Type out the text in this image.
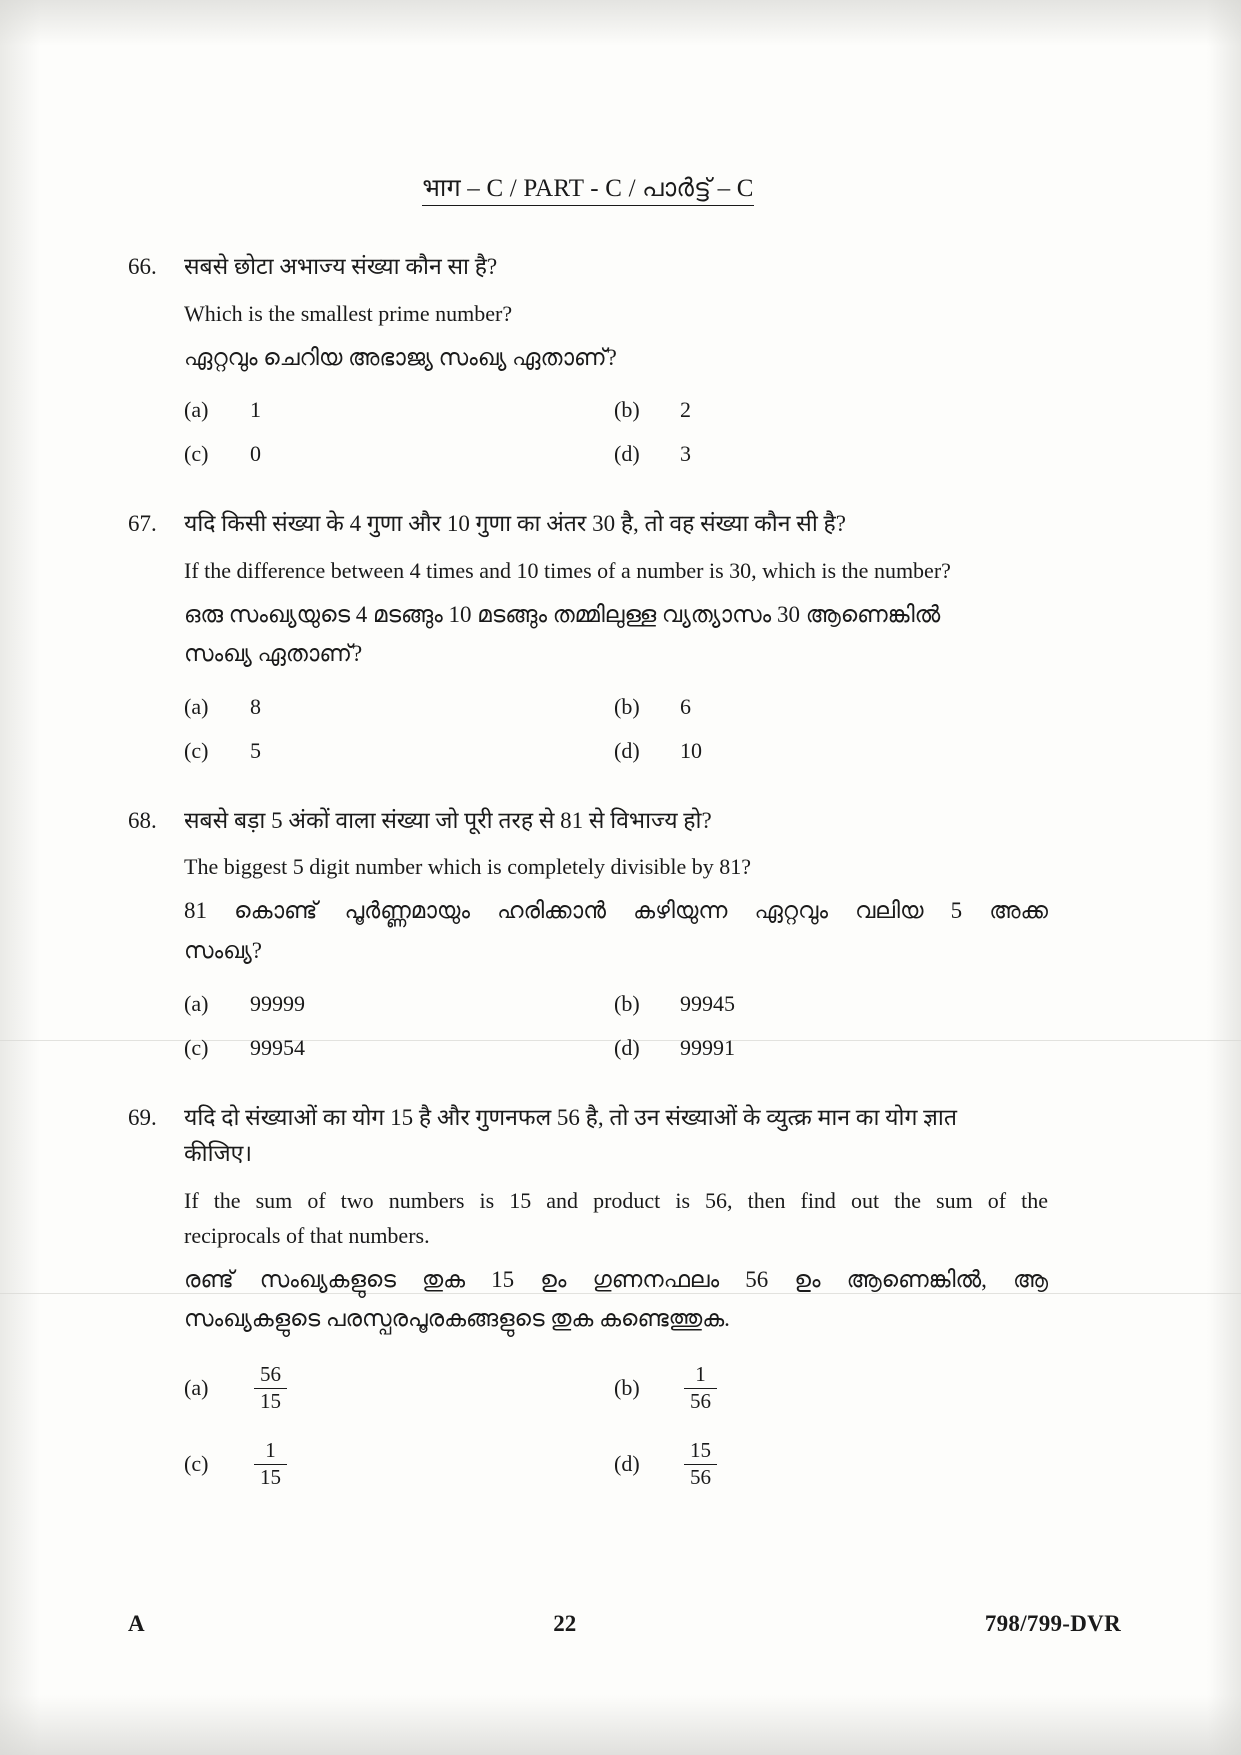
भाग – C / PART - C / പാർട്ട് – C
66.	सबसे छोटा अभाज्य संख्या कौन सा है?
Which is the smallest prime number?
ഏറ്റവും ചെറിയ അഭാജ്യ സംഖ്യ ഏതാണ്?
(a)	1	(b)	2
(c)	0	(d)	3
67.	यदि किसी संख्या के 4 गुणा और 10 गुणा का अंतर 30 है, तो वह संख्या कौन सी है?
If the difference between 4 times and 10 times of a number is 30, which is the number?
ഒരു സംഖ്യയുടെ 4 മടങ്ങും 10 മടങ്ങും തമ്മിലുള്ള വ്യത്യാസം 30 ആണെങ്കിൽ
സംഖ്യ ഏതാണ്?
(a)	8	(b)	6
(c)	5	(d)	10
68.	सबसे बड़ा 5 अंकों वाला संख्या जो पूरी तरह से 81 से विभाज्य हो?
The biggest 5 digit number which is completely divisible by 81?
81 കൊണ്ട് പൂർണ്ണമായും ഹരിക്കാൻ കഴിയുന്ന ഏറ്റവും വലിയ 5 അക്ക
സംഖ്യ?
(a)	99999	(b)	99945
(c)	99954	(d)	99991
69.	यदि दो संख्याओं का योग 15 है और गुणनफल 56 है, तो उन संख्याओं के व्युत्क्र मान का योग ज्ञात
कीजिए।
If the sum of two numbers is 15 and product is 56, then find out the sum of the
reciprocals of that numbers.
രണ്ട് സംഖ്യകളുടെ തുക 15 ഉം ഗുണനഫലം 56 ഉം ആണെങ്കിൽ, ആ
സംഖ്യകളുടെ പരസ്പരപൂരകങ്ങളുടെ തുക കണ്ടെത്തുക.
(a)	$\frac{56}{15}$	(b)	$\frac{1}{56}$
(c)	$\frac{1}{15}$	(d)	$\frac{15}{56}$
A	22	798/799-DVR
